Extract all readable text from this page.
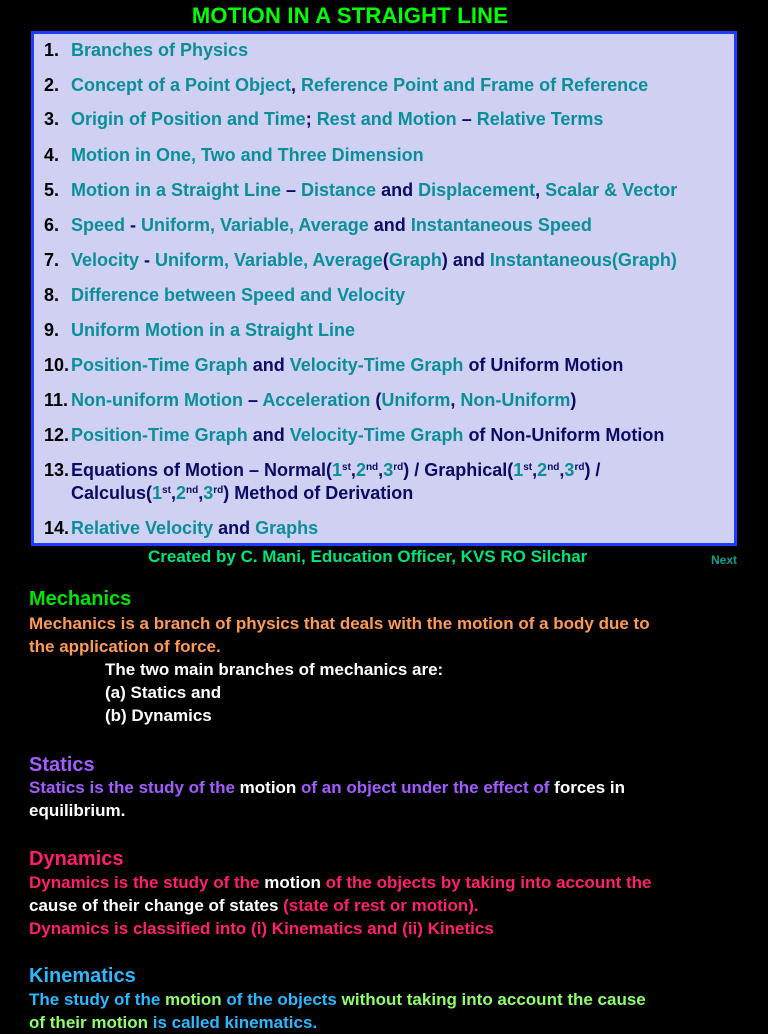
MOTION IN A STRAIGHT LINE
1. Branches of Physics
2. Concept of a Point Object, Reference Point and Frame of Reference
3. Origin of Position and Time; Rest and Motion – Relative Terms
4. Motion in One, Two and Three Dimension
5. Motion in a Straight Line – Distance and Displacement, Scalar & Vector
6. Speed - Uniform, Variable, Average and Instantaneous Speed
7. Velocity - Uniform, Variable, Average(Graph) and Instantaneous(Graph)
8. Difference between Speed and Velocity
9. Uniform Motion in a Straight Line
10. Position-Time Graph and Velocity-Time Graph of Uniform Motion
11. Non-uniform Motion – Acceleration (Uniform, Non-Uniform)
12. Position-Time Graph and Velocity-Time Graph of Non-Uniform Motion
13. Equations of Motion – Normal(1st,2nd,3rd) / Graphical(1st,2nd,3rd) /
Calculus(1st,2nd,3rd) Method of Derivation
14. Relative Velocity and Graphs
Created by C. Mani, Education Officer, KVS RO Silchar	Next
Mechanics
Mechanics is a branch of physics that deals with the motion of a body due to
the application of force.
The two main branches of mechanics are:
(a) Statics and
(b) Dynamics
Statics
Statics is the study of the motion of an object under the effect of forces in
equilibrium.
Dynamics
Dynamics is the study of the motion of the objects by taking into account the
cause of their change of states (state of rest or motion).
Dynamics is classified into (i) Kinematics and (ii) Kinetics
Kinematics
The study of the motion of the objects without taking into account the cause
of their motion is called kinematics.
